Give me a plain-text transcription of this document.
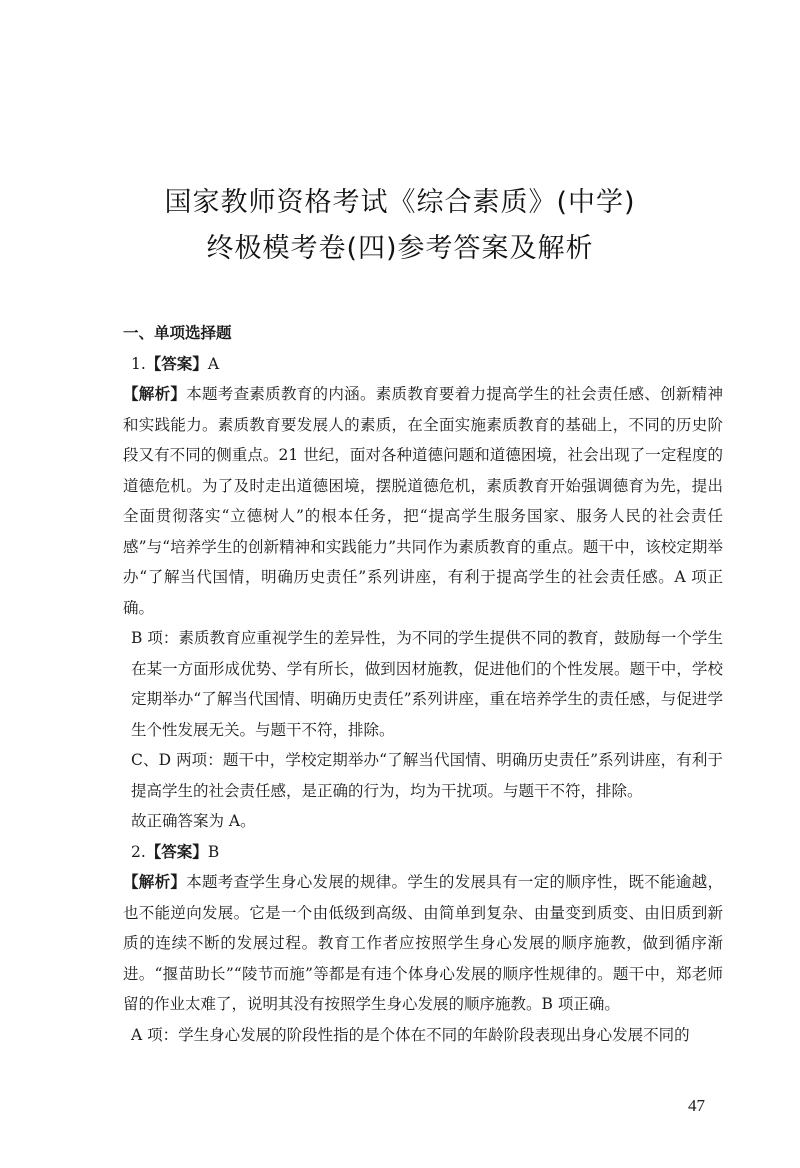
国家教师资格考试《综合素质》(中学)
终极模考卷(四)参考答案及解析

一、单项选择题

1.【答案】A

【解析】本题考查素质教育的内涵。素质教育要着力提高学生的社会责任感、创新精神和实践能力。素质教育要发展人的素质，在全面实施素质教育的基础上，不同的历史阶段又有不同的侧重点。21 世纪，面对各种道德问题和道德困境，社会出现了一定程度的道德危机。为了及时走出道德困境，摆脱道德危机，素质教育开始强调德育为先，提出全面贯彻落实“立德树人”的根本任务，把“提高学生服务国家、服务人民的社会责任感”与“培养学生的创新精神和实践能力”共同作为素质教育的重点。题干中，该校定期举办“了解当代国情，明确历史责任”系列讲座，有利于提高学生的社会责任感。A 项正确。

B 项：素质教育应重视学生的差异性，为不同的学生提供不同的教育，鼓励每一个学生在某一方面形成优势、学有所长，做到因材施教，促进他们的个性发展。题干中，学校定期举办“了解当代国情、明确历史责任”系列讲座，重在培养学生的责任感，与促进学生个性发展无关。与题干不符，排除。

C、D 两项：题干中，学校定期举办“了解当代国情、明确历史责任”系列讲座，有利于提高学生的社会责任感，是正确的行为，均为干扰项。与题干不符，排除。

故正确答案为 A。

2.【答案】B

【解析】本题考查学生身心发展的规律。学生的发展具有一定的顺序性，既不能逾越，也不能逆向发展。它是一个由低级到高级、由简单到复杂、由量变到质变、由旧质到新质的连续不断的发展过程。教育工作者应按照学生身心发展的顺序施教，做到循序渐进。“揠苗助长”“陵节而施”等都是有违个体身心发展的顺序性规律的。题干中，郑老师留的作业太难了，说明其没有按照学生身心发展的顺序施教。B 项正确。

A 项：学生身心发展的阶段性指的是个体在不同的年龄阶段表现出身心发展不同的

47
